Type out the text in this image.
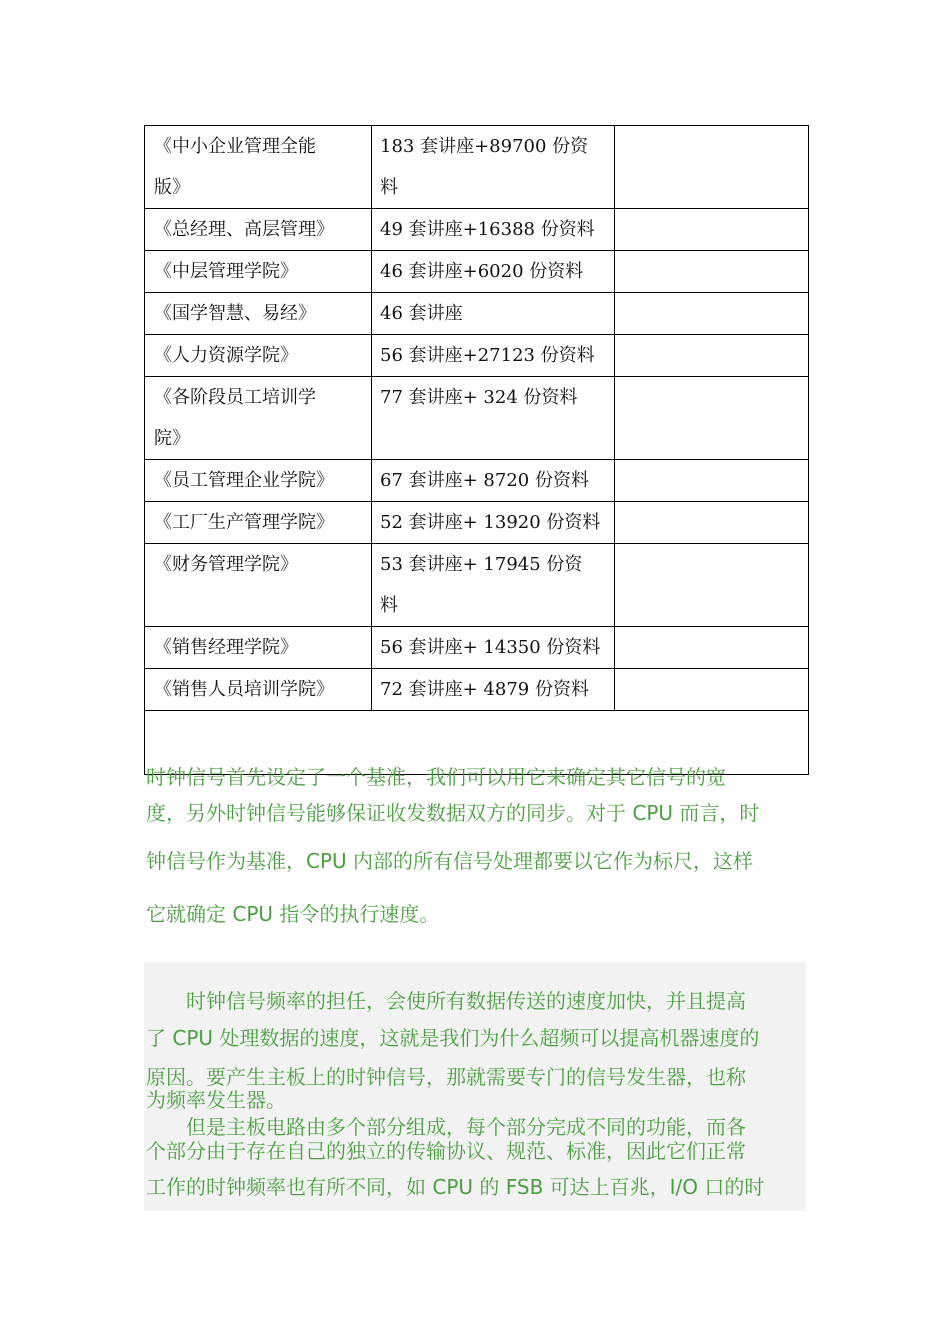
《中小企业管理全能
版》	183 套讲座+89700 份资料	

《总经理、高层管理》	49 套讲座+16388 份资料	

《中层管理学院》	46 套讲座+6020 份资料	

《国学智慧、易经》	46 套讲座	

《人力资源学院》	56 套讲座+27123 份资料	

《各阶段员工培训学
院》	77 套讲座+ 324 份资料	

《员工管理企业学院》	67 套讲座+ 8720 份资料	

《工厂生产管理学院》	52 套讲座+ 13920 份资料	

《财务管理学院》	53 套讲座+ 17945 份资
料	

《销售经理学院》	56 套讲座+ 14350 份资料	

《销售人员培训学院》	72 套讲座+ 4879 份资料	

时钟信号首先设定了一个基准，我们可以用它来确定其它信号的宽
度，另外时钟信号能够保证收发数据双方的同步。对于 CPU 而言，时
钟信号作为基准，CPU 内部的所有信号处理都要以它作为标尺，这样
它就确定 CPU 指令的执行速度。
　　时钟信号频率的担任，会使所有数据传送的速度加快，并且提高
了 CPU 处理数据的速度，这就是我们为什么超频可以提高机器速度的
原因。要产生主板上的时钟信号，那就需要专门的信号发生器，也称
为频率发生器。
　　但是主板电路由多个部分组成，每个部分完成不同的功能，而各
个部分由于存在自己的独立的传输协议、规范、标准，因此它们正常
工作的时钟频率也有所不同，如 CPU 的 FSB 可达上百兆，I/O 口的时
